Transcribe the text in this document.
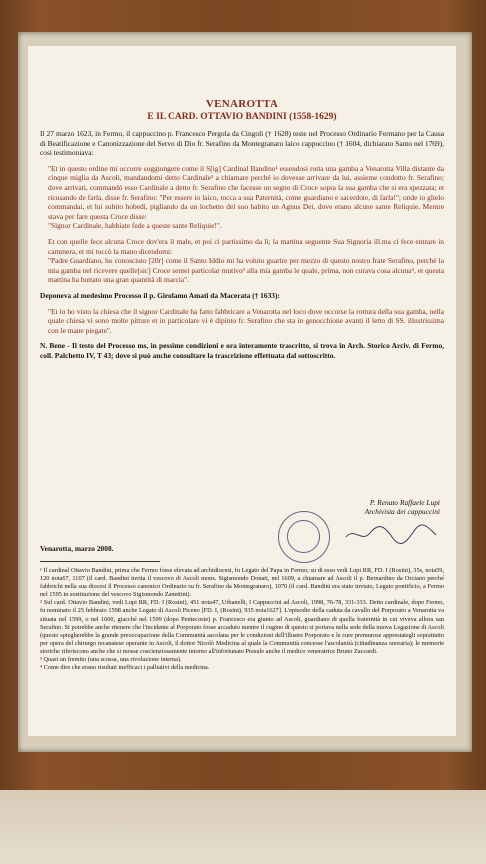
VENAROTTA
E IL CARD. OTTAVIO BANDINI (1558-1629)

Il 27 marzo 1623, in Fermo, il cappuccino p. Francesco Pergola da Cingoli († 1628) teste nel Processo Ordinario Fermano per la Causa di Beatificazione e Canonizzazione del Servo di Dio fr. Serafino da Montegranaro laico cappuccino († 1604, dichiarato Santo nel 1769), così testimoniava:

"Et in questo ordine mi occorre soggiungere come il S[ig] Cardinal Bandino¹ essendosi rotta una gamba a Venarotta Villa distante da cinque miglia da Ascoli, mandandomi detto Cardinale² a chiamare perché io dovesse arrivare da lui, assieme condotto fr. Serafino; dove arrivati, commandò esso Cardinale a detto fr. Serafino che facesse un segno di Croce sopra la sua gamba che si era spezzata; et ricusando de farla, disse fr. Serafino: "Per essere io laico, tocca a sua Paternità, come guardiano e sacerdote, di farla!"; onde io glielo commandai, et lui subito hobedì, pigliando da un lochetto del suo habito un Agnus Dei, dove erano alcune sante Reliquie. Mentre stava per fare questa Croce disse:

"Signor Cardinale, habbiate fede a queste sante Reliquie!".

Et con quelle fece alcuna Croce dov'era il male, et poi ci partissimo da lì; la mattina seguente Sua Signoria ill.ma ci fece entrare in cammera, et mi toccò la mano dicendomi:

"Padre Guardiano, ho conosciuto [20r] come il Santo Iddio mi ha voluto guarire per mezzo di questo nostro frate Serafino, perché la mia gamba nel ricevere quelle[sic] Croce sentei particolar mutivo³ alla mia gamba le quale, prima, non curava cosa alcuna⁴, et questa mattina ha buttato una gran quantità di marcia".

Deponeva al medesimo Processo il p. Girolamo Amati da Macerata († 1633):

"Et io ho visto la chiesa che il signor Cardinale ha fatto fabbricare a Venarotta nel loco dove occorse la rottura della sua gamba, nella quale chiesa vi sono molte pitture et in particolare vi è dipinto fr. Serafino che sta in genocchione avanti il letto di SS. illustrissima con le mane piegate".

N. Bene - Il testo del Processo ms, in pessime condizioni e ora interamente trascritto, si trova in Arch. Storico Arciv. di Fermo, coll. Palchetto IV, T 43; dove si può anche consultare la trascrizione effettuata dal sottoscritto.

P. Renato Raffaele Lupi
Archivista dei cappuccini
Venarotta, marzo 2008.

¹ Il cardinal Ottavio Bandini, prima che Fermo fosse elevata ad archidiocesi, fu Legato del Papa in Fermo; su di esso vedi Lupi RR, FD. I (Rosini), 35s, nota59, 120 nota67, 1107 (il card. Bandini invita il vescovo di Ascoli mons. Sigismondo Donati, nel 1609, a chiamare ad Ascoli il p. Bernardino da Orciano perché fabbrichi nella sua diocesi il Processo canonico Ordinario su fr. Serafino da Montegranaro), 1070 (il card. Bandini era stato inviato, Legato pontificio, a Fermo nel 1595 in sostituzione del vescovo Sigismondo Zanettini).

² Sul card. Ottavio Bandini, vedi Lupi RR, FD. I (Rosini), 451 nota47, Urbanelli, I Cappuccini ad Ascoli, 1998, 76-78, 331-333. Detto cardinale, dopo Fermo, fu nominato il 25 febbraio 1598 anche Legato di Ascoli Piceno [FD. I, (Rosini), 935 nota1627]. L'episodio della caduta da cavallo del Porporato a Venarotta va situata nel 1599, o nel 1600, giacché nel 1599 (dopo Pentecoste) p. Francesco era giunto ad Ascoli, guardiano di quella fraternità in cui viveva allora san Serafino. Si potrebbe anche ritenere che l'incidente al Porporato fosse accaduto mentre il cugino di questo si portava nella sede della nuova Legazione di Ascoli (questo spiegherebbe la grande preoccupazione della Communità ascolana per le condizioni dell'illustre Porporato e le cure premurose apprestategli soprattutto per opera del chirurgo recanatese operante in Ascoli, il dottor Nicolò Medicina al quale la Communità concesse l'ascolanità (cittadinanza onoraria); le memorie storiche riferiscono anche che si mosse coscienziosamente intorno all'infortunato Presule anche il medico veneratrice Bruno Zaccardi.

³ Quasi un fremito (una scossa, una rivoluzione interna).

⁴ Come dire che erano risultati inefficaci i palliativi della medicina.
